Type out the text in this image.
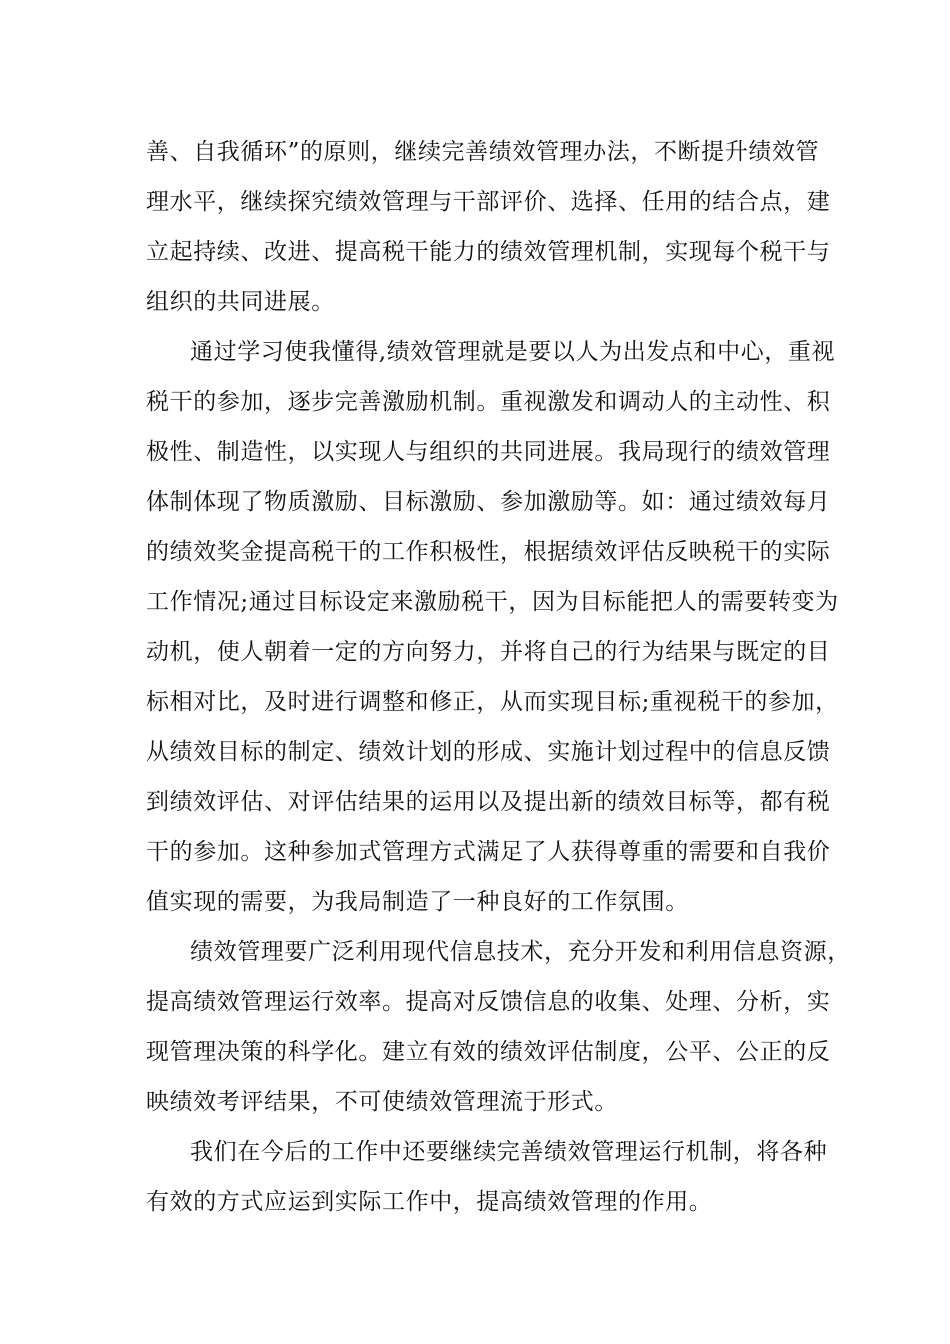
善、自我循环”的原则，继续完善绩效管理办法，不断提升绩效管
理水平，继续探究绩效管理与干部评价、选择、任用的结合点，建
立起持续、改进、提高税干能力的绩效管理机制，实现每个税干与
组织的共同进展。
通过学习使我懂得,绩效管理就是要以人为出发点和中心，重视
税干的参加，逐步完善激励机制。重视激发和调动人的主动性、积
极性、制造性，以实现人与组织的共同进展。我局现行的绩效管理
体制体现了物质激励、目标激励、参加激励等。如：通过绩效每月
的绩效奖金提高税干的工作积极性，根据绩效评估反映税干的实际
工作情况;通过目标设定来激励税干，因为目标能把人的需要转变为
动机，使人朝着一定的方向努力，并将自己的行为结果与既定的目
标相对比，及时进行调整和修正，从而实现目标;重视税干的参加，
从绩效目标的制定、绩效计划的形成、实施计划过程中的信息反馈
到绩效评估、对评估结果的运用以及提出新的绩效目标等，都有税
干的参加。这种参加式管理方式满足了人获得尊重的需要和自我价
值实现的需要，为我局制造了一种良好的工作氛围。
绩效管理要广泛利用现代信息技术，充分开发和利用信息资源，
提高绩效管理运行效率。提高对反馈信息的收集、处理、分析，实
现管理决策的科学化。建立有效的绩效评估制度，公平、公正的反
映绩效考评结果，不可使绩效管理流于形式。
我们在今后的工作中还要继续完善绩效管理运行机制，将各种
有效的方式应运到实际工作中，提高绩效管理的作用。
